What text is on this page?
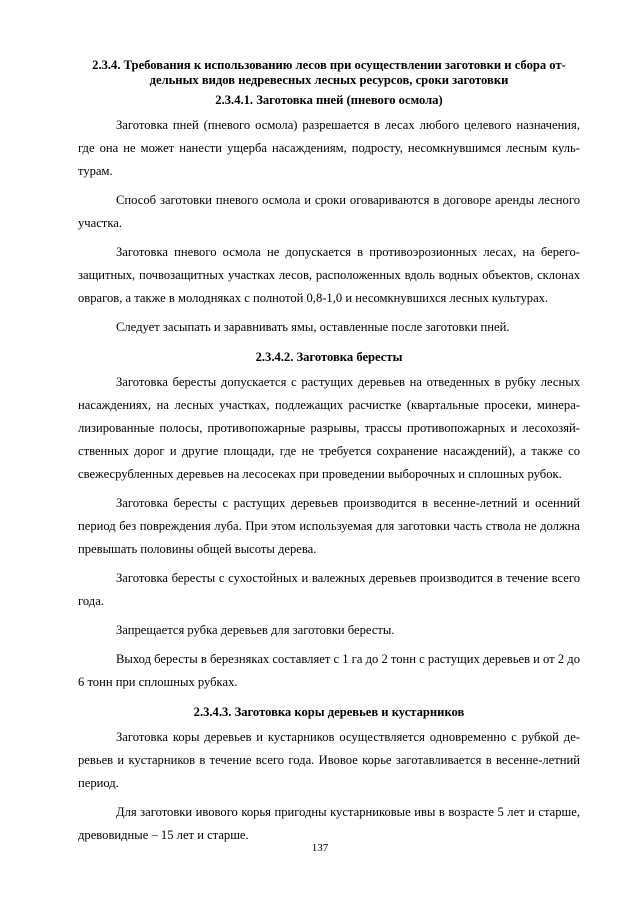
2.3.4. Требования к использованию лесов при осуществлении заготовки и сбора отдельных видов недревесных лесных ресурсов, сроки заготовки
2.3.4.1. Заготовка пней (пневого осмола)

Заготовка пней (пневого осмола) разрешается в лесах любого целевого назначения, где она не может нанести ущерба насаждениям, подросту, несомкнувшимся лесным культурам.

Способ заготовки пневого осмола и сроки оговариваются в договоре аренды лесного участка.

Заготовка пневого осмола не допускается в противоэрозионных лесах, на берегозащитных, почвозащитных участках лесов, расположенных вдоль водных объектов, склонах оврагов, а также в молодняках с полнотой 0,8-1,0 и несомкнувшихся лесных культурах.

Следует засыпать и заравнивать ямы, оставленные после заготовки пней.

2.3.4.2. Заготовка бересты

Заготовка бересты допускается с растущих деревьев на отведенных в рубку лесных насаждениях, на лесных участках, подлежащих расчистке (квартальные просеки, минерализированные полосы, противопожарные разрывы, трассы противопожарных и лесохозяйственных дорог и другие площади, где не требуется сохранение насаждений), а также со свежесрубленных деревьев на лесосеках при проведении выборочных и сплошных рубок.

Заготовка бересты с растущих деревьев производится в весенне-летний и осенний период без повреждения луба. При этом используемая для заготовки часть ствола не должна превышать половины общей высоты дерева.

Заготовка бересты с сухостойных и валежных деревьев производится в течение всего года.

Запрещается рубка деревьев для заготовки бересты.

Выход бересты в березняках составляет с 1 га до 2 тонн с растущих деревьев и от 2 до 6 тонн при сплошных рубках.

2.3.4.3. Заготовка коры деревьев и кустарников

Заготовка коры деревьев и кустарников осуществляется одновременно с рубкой деревьев и кустарников в течение всего года. Ивовое корье заготавливается в весенне-летний период.

Для заготовки ивового корья пригодны кустарниковые ивы в возрасте 5 лет и старше, древовидные – 15 лет и старше.

137
